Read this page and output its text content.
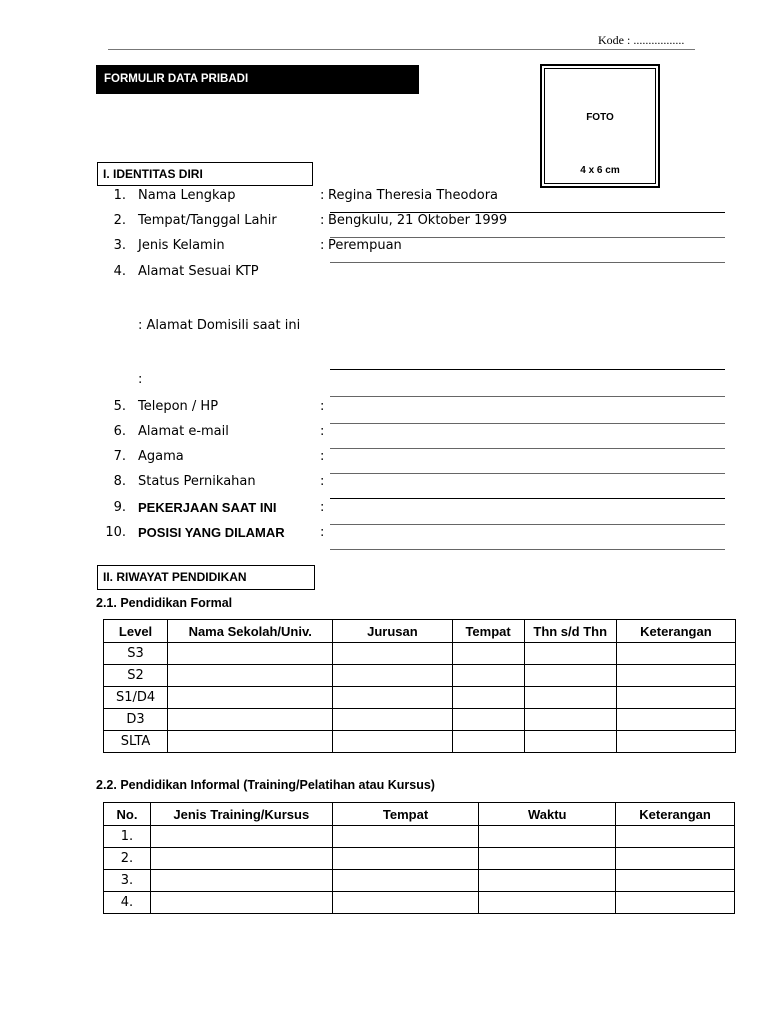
Kode : .................
FORMULIR DATA PRIBADI
FOTO
4 x 6 cm
I. IDENTITAS DIRI
1. Nama Lengkap	: Regina Theresia Theodora
2. Tempat/Tanggal Lahir	: Bengkulu, 21 Oktober 1999
3. Jenis Kelamin	: Perempuan
4. Alamat Sesuai KTP
: Alamat Domisili saat ini
:
5. Telepon / HP	:
6. Alamat e-mail	:
7. Agama	:
8. Status Pernikahan	:
9. PEKERJAAN SAAT INI	:
10. POSISI YANG DILAMAR	:
II. RIWAYAT PENDIDIKAN
2.1. Pendidikan Formal
Level	Nama Sekolah/Univ.	Jurusan	Tempat	Thn s/d Thn	Keterangan
S3					
S2					
S1/D4					
D3					
SLTA					
2.2. Pendidikan Informal (Training/Pelatihan atau Kursus)
No.	Jenis Training/Kursus	Tempat	Waktu	Keterangan
1.				
2.				
3.				
4.				
